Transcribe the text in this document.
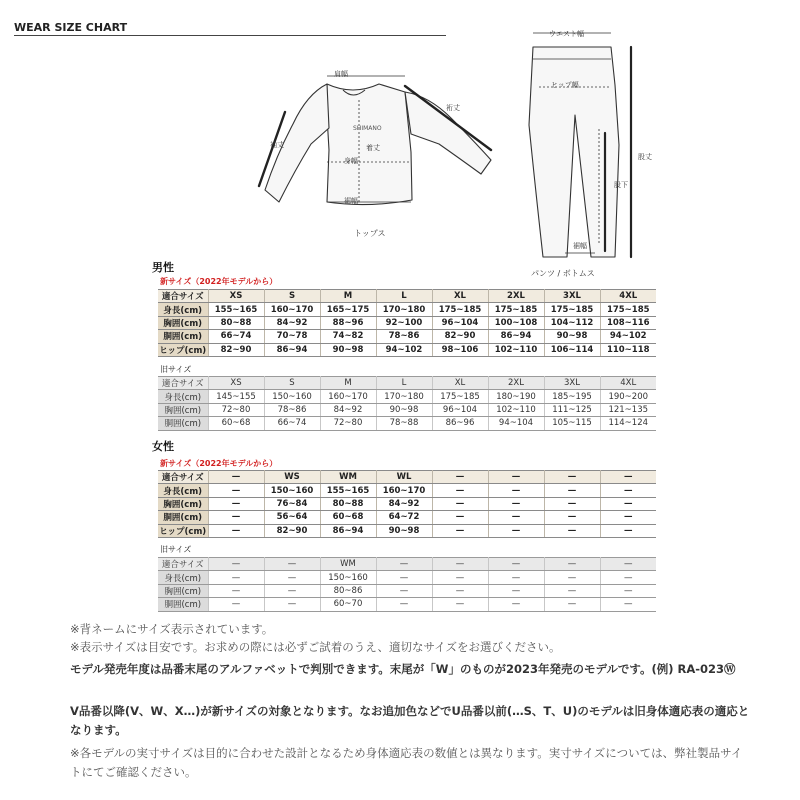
WEAR SIZE CHART
SHIMANO
肩幅
袖丈
裄丈
着丈
身幅
裾幅
トップス
ウエスト幅
ヒップ幅
股丈
股下
裾幅
パンツ / ボトムス
男性
新サイズ（2022年モデルから）
適合サイズ	XS	S	M	L	XL	2XL	3XL	4XL
身長(cm)	155~165	160~170	165~175	170~180	175~185	175~185	175~185	175~185
胸囲(cm)	80~88	84~92	88~96	92~100	96~104	100~108	104~112	108~116
胴囲(cm)	66~74	70~78	74~82	78~86	82~90	86~94	90~98	94~102
ヒップ(cm)	82~90	86~94	90~98	94~102	98~106	102~110	106~114	110~118
旧サイズ
適合サイズ	XS	S	M	L	XL	2XL	3XL	4XL
身長(cm)	145~155	150~160	160~170	170~180	175~185	180~190	185~195	190~200
胸囲(cm)	72~80	78~86	84~92	90~98	96~104	102~110	111~125	121~135
胴囲(cm)	60~68	66~74	72~80	78~88	86~96	94~104	105~115	114~124
女性
新サイズ（2022年モデルから）
適合サイズ	—	WS	WM	WL	—	—	—	—
身長(cm)	—	150~160	155~165	160~170	—	—	—	—
胸囲(cm)	—	76~84	80~88	84~92	—	—	—	—
胴囲(cm)	—	56~64	60~68	64~72	—	—	—	—
ヒップ(cm)	—	82~90	86~94	90~98	—	—	—	—
旧サイズ
適合サイズ	—	—	WM	—	—	—	—	—
身長(cm)	—	—	150~160	—	—	—	—	—
胸囲(cm)	—	—	80~86	—	—	—	—	—
胴囲(cm)	—	—	60~70	—	—	—	—	—
※背ネームにサイズ表示されています。
※表示サイズは目安です。お求めの際には必ずご試着のうえ、適切なサイズをお選びください。
モデル発売年度は品番末尾のアルファベットで判別できます。末尾が「W」のものが2023年発売のモデルです。(例) RA-023Ⓦ
V品番以降(V、W、X…)が新サイズの対象となります。なお追加色などでU品番以前(…S、T、U)のモデルは旧身体適応表の適応となります。
※各モデルの実寸サイズは目的に合わせた設計となるため身体適応表の数値とは異なります。実寸サイズについては、弊社製品サイトにてご確認ください。
